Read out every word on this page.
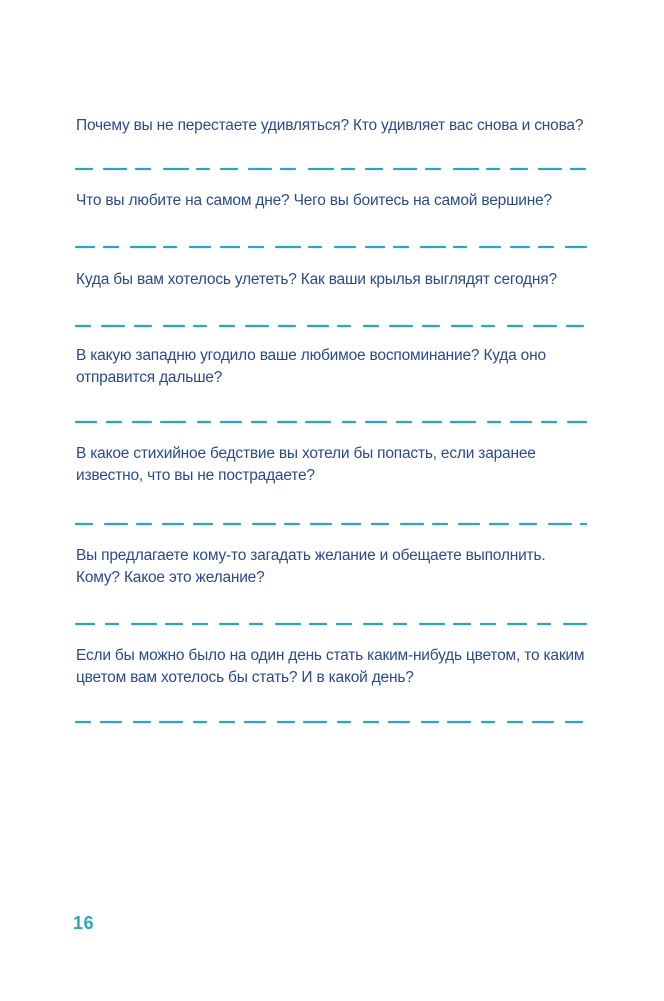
Почему вы не перестаете удивляться? Кто удивляет вас снова и снова?

Что вы любите на самом дне? Чего вы боитесь на самой вершине?

Куда бы вам хотелось улететь? Как ваши крылья выглядят сегодня?

В какую западню угодило ваше любимое воспоминание? Куда оно отправится дальше?

В какое стихийное бедствие вы хотели бы попасть, если заранее известно, что вы не пострадаете?

Вы предлагаете кому-то загадать желание и обещаете выполнить. Кому? Какое это желание?

Если бы можно было на один день стать каким-нибудь цветом, то каким цветом вам хотелось бы стать? И в какой день?

16
